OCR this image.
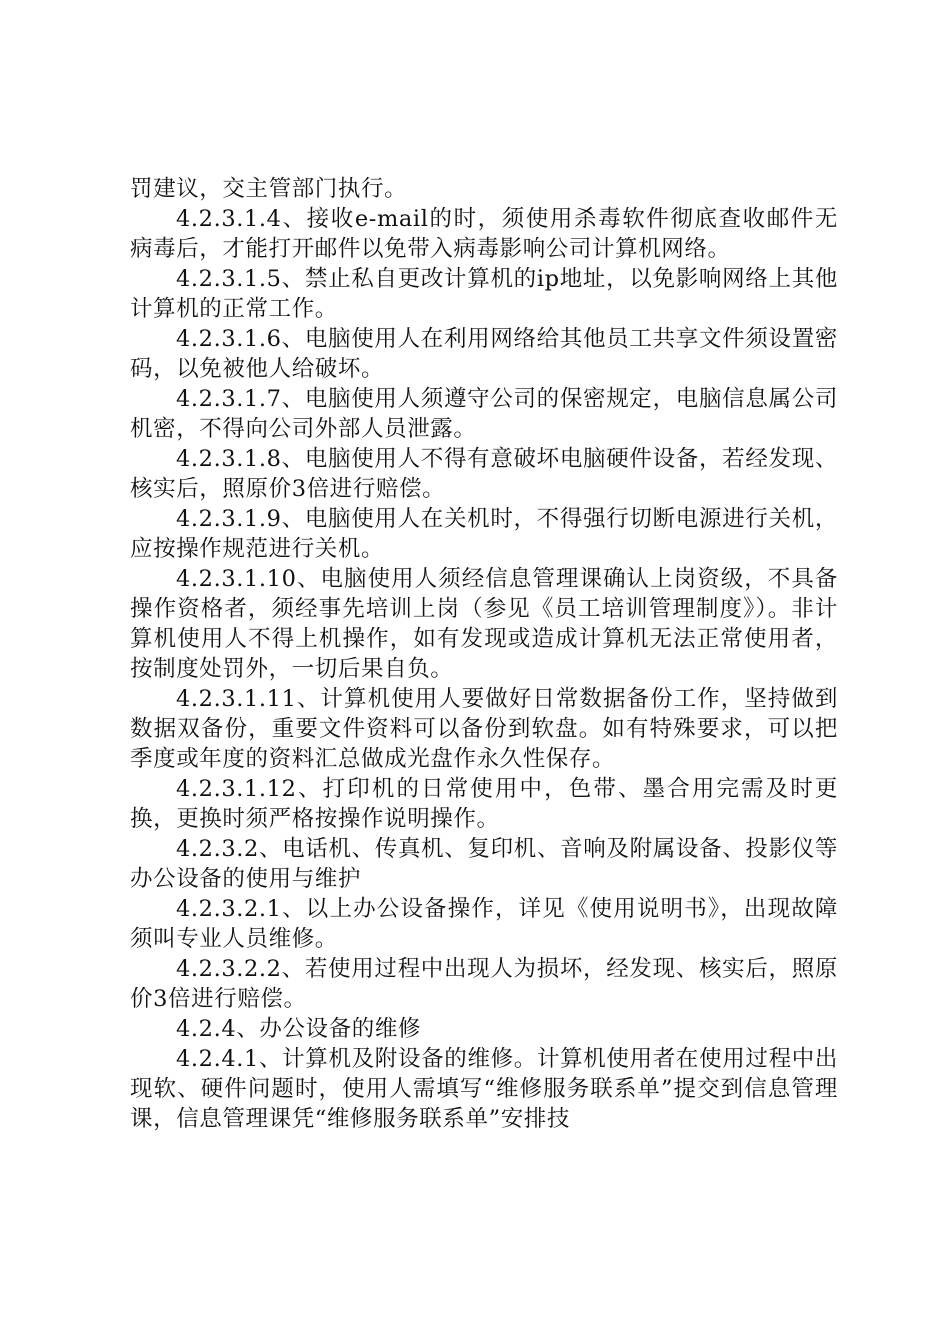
罚建议，交主管部门执行。

4.2.3.1.4、接收e-mail的时，须使用杀毒软件彻底查收邮件无病毒后，才能打开邮件以免带入病毒影响公司计算机网络。

4.2.3.1.5、禁止私自更改计算机的ip地址，以免影响网络上其他计算机的正常工作。

4.2.3.1.6、电脑使用人在利用网络给其他员工共享文件须设置密码，以免被他人给破坏。

4.2.3.1.7、电脑使用人须遵守公司的保密规定，电脑信息属公司机密，不得向公司外部人员泄露。

4.2.3.1.8、电脑使用人不得有意破坏电脑硬件设备，若经发现、核实后，照原价3倍进行赔偿。

4.2.3.1.9、电脑使用人在关机时，不得强行切断电源进行关机，应按操作规范进行关机。

4.2.3.1.10、电脑使用人须经信息管理课确认上岗资级，不具备操作资格者，须经事先培训上岗（参见《员工培训管理制度》）。非计算机使用人不得上机操作，如有发现或造成计算机无法正常使用者，按制度处罚外，一切后果自负。

4.2.3.1.11、计算机使用人要做好日常数据备份工作，坚持做到数据双备份，重要文件资料可以备份到软盘。如有特殊要求，可以把季度或年度的资料汇总做成光盘作永久性保存。

4.2.3.1.12、打印机的日常使用中，色带、墨合用完需及时更换，更换时须严格按操作说明操作。

4.2.3.2、电话机、传真机、复印机、音响及附属设备、投影仪等办公设备的使用与维护

4.2.3.2.1、以上办公设备操作，详见《使用说明书》，出现故障须叫专业人员维修。

4.2.3.2.2、若使用过程中出现人为损坏，经发现、核实后，照原价3倍进行赔偿。

4.2.4、办公设备的维修

4.2.4.1、计算机及附设备的维修。计算机使用者在使用过程中出现软、硬件问题时，使用人需填写“维修服务联系单”提交到信息管理课，信息管理课凭“维修服务联系单”安排技
